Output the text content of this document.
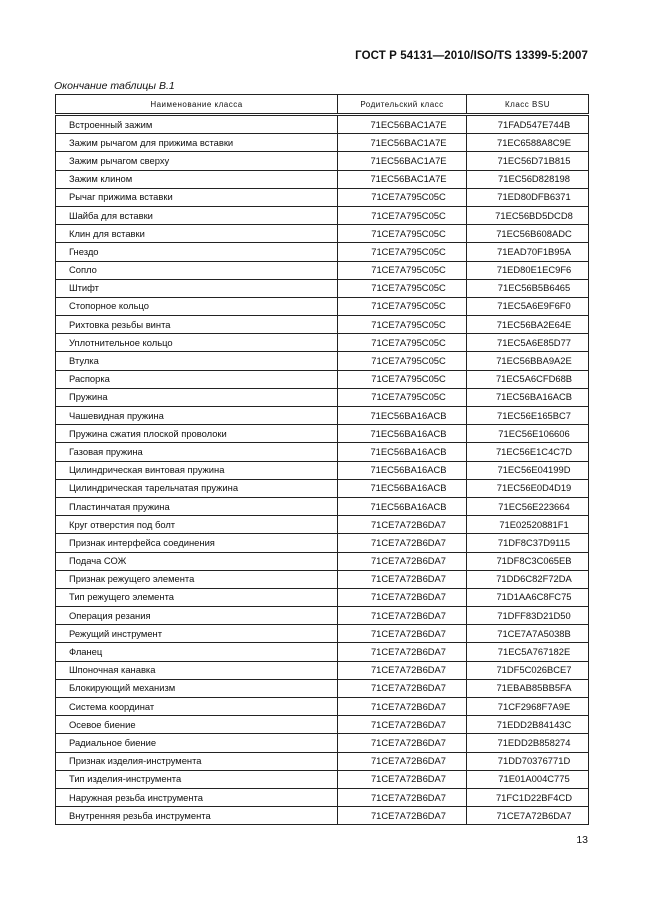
ГОСТ Р 54131—2010/ISO/TS 13399-5:2007
Окончание таблицы В.1
Наименование класса	Родительский класс	Класс BSU
Встроенный зажим	71EC56BAC1A7E	71FAD547E744B
Зажим рычагом для прижима вставки	71EC56BAC1A7E	71EC6588A8C9E
Зажим рычагом сверху	71EC56BAC1A7E	71EC56D71B815
Зажим клином	71EC56BAC1A7E	71EC56D828198
Рычаг прижима вставки	71CE7A795C05C	71ED80DFB6371
Шайба для вставки	71CE7A795C05C	71EC56BD5DCD8
Клин для вставки	71CE7A795C05C	71EC56B608ADC
Гнездо	71CE7A795C05C	71EAD70F1B95A
Сопло	71CE7A795C05C	71ED80E1EC9F6
Штифт	71CE7A795C05C	71EC56B5B6465
Стопорное кольцо	71CE7A795C05C	71EC5A6E9F6F0
Рихтовка резьбы винта	71CE7A795C05C	71EC56BA2E64E
Уплотнительное кольцо	71CE7A795C05C	71EC5A6E85D77
Втулка	71CE7A795C05C	71EC56BBA9A2E
Распорка	71CE7A795C05C	71EC5A6CFD68B
Пружина	71CE7A795C05C	71EC56BA16ACB
Чашевидная пружина	71EC56BA16ACB	71EC56E165BC7
Пружина сжатия плоской проволоки	71EC56BA16ACB	71EC56E106606
Газовая пружина	71EC56BA16ACB	71EC56E1C4C7D
Цилиндрическая винтовая пружина	71EC56BA16ACB	71EC56E04199D
Цилиндрическая тарельчатая пружина	71EC56BA16ACB	71EC56E0D4D19
Пластинчатая пружина	71EC56BA16ACB	71EC56E223664
Круг отверстия под болт	71CE7A72B6DA7	71E02520881F1
Признак интерфейса соединения	71CE7A72B6DA7	71DF8C37D9115
Подача СОЖ	71CE7A72B6DA7	71DF8C3C065EB
Признак режущего элемента	71CE7A72B6DA7	71DD6C82F72DA
Тип режущего элемента	71CE7A72B6DA7	71D1AA6C8FC75
Операция резания	71CE7A72B6DA7	71DFF83D21D50
Режущий инструмент	71CE7A72B6DA7	71CE7A7A5038B
Фланец	71CE7A72B6DA7	71EC5A767182E
Шпоночная канавка	71CE7A72B6DA7	71DF5C026BCE7
Блокирующий механизм	71CE7A72B6DA7	71EBAB85BB5FA
Система координат	71CE7A72B6DA7	71CF2968F7A9E
Осевое биение	71CE7A72B6DA7	71EDD2B84143C
Радиальное биение	71CE7A72B6DA7	71EDD2B858274
Признак изделия-инструмента	71CE7A72B6DA7	71DD70376771D
Тип изделия-инструмента	71CE7A72B6DA7	71E01A004C775
Наружная резьба инструмента	71CE7A72B6DA7	71FC1D22BF4CD
Внутренняя резьба инструмента	71CE7A72B6DA7	71CE7A72B6DA7
13
